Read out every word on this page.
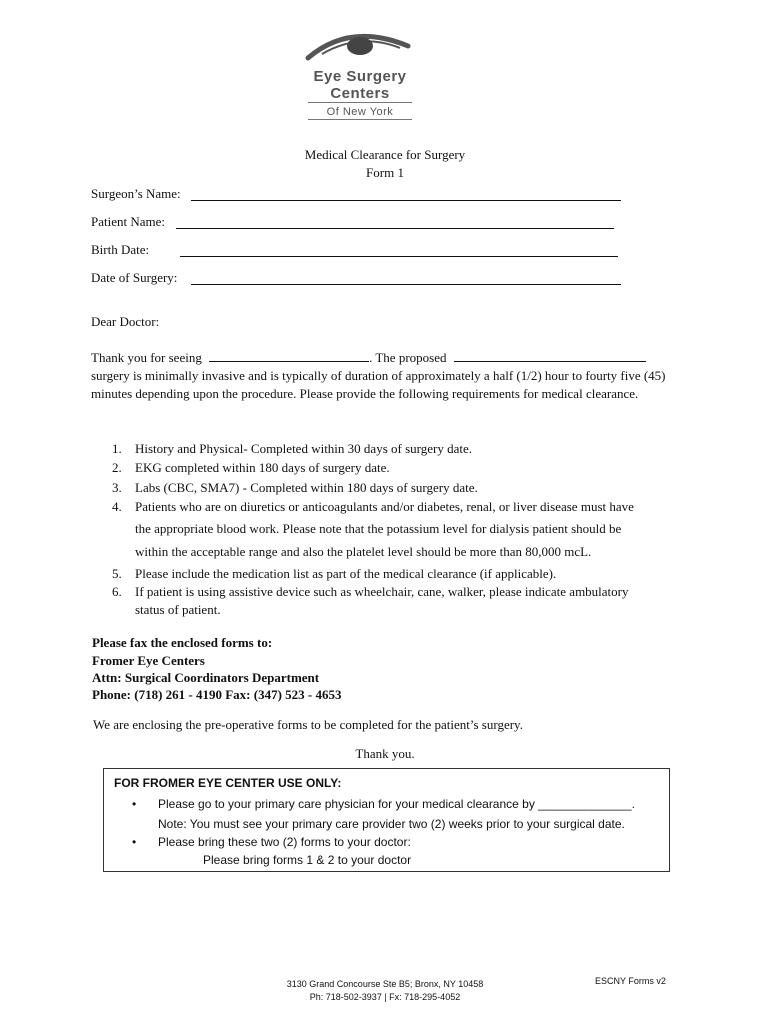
Eye Surgery
Centers
Of New York
Medical Clearance for Surgery
Form 1
Surgeon’s Name:
Patient Name:
Birth Date:
Date of Surgery:
Dear Doctor:
Thank you for seeing	. The proposed
surgery is minimally invasive and is typically of duration of approximately a half (1/2) hour to fourty five (45) minutes depending upon the procedure. Please provide the following requirements for medical clearance.
1. History and Physical- Completed within 30 days of surgery date.
2. EKG completed within 180 days of surgery date.
3. Labs (CBC, SMA7) - Completed within 180 days of surgery date.
4. Patients who are on diuretics or anticoagulants and/or diabetes, renal, or liver disease must have
the appropriate blood work. Please note that the potassium level for dialysis patient should be
within the acceptable range and also the platelet level should be more than 80,000 mcL.
5. Please include the medication list as part of the medical clearance (if applicable).
6. If patient is using assistive device such as wheelchair, cane, walker, please indicate ambulatory
status of patient.
Please fax the enclosed forms to:
Fromer Eye Centers
Attn: Surgical Coordinators Department
Phone: (718) 261 - 4190 Fax: (347) 523 - 4653
We are enclosing the pre-operative forms to be completed for the patient’s surgery.
Thank you.
FOR FROMER EYE CENTER USE ONLY:
• Please go to your primary care physician for your medical clearance by ______________.
Note: You must see your primary care provider two (2) weeks prior to your surgical date.
• Please bring these two (2) forms to your doctor:
Please bring forms 1 & 2 to your doctor
3130 Grand Concourse Ste B5; Bronx, NY 10458
Ph: 718-502-3937 | Fx: 718-295-4052
ESCNY Forms v2
